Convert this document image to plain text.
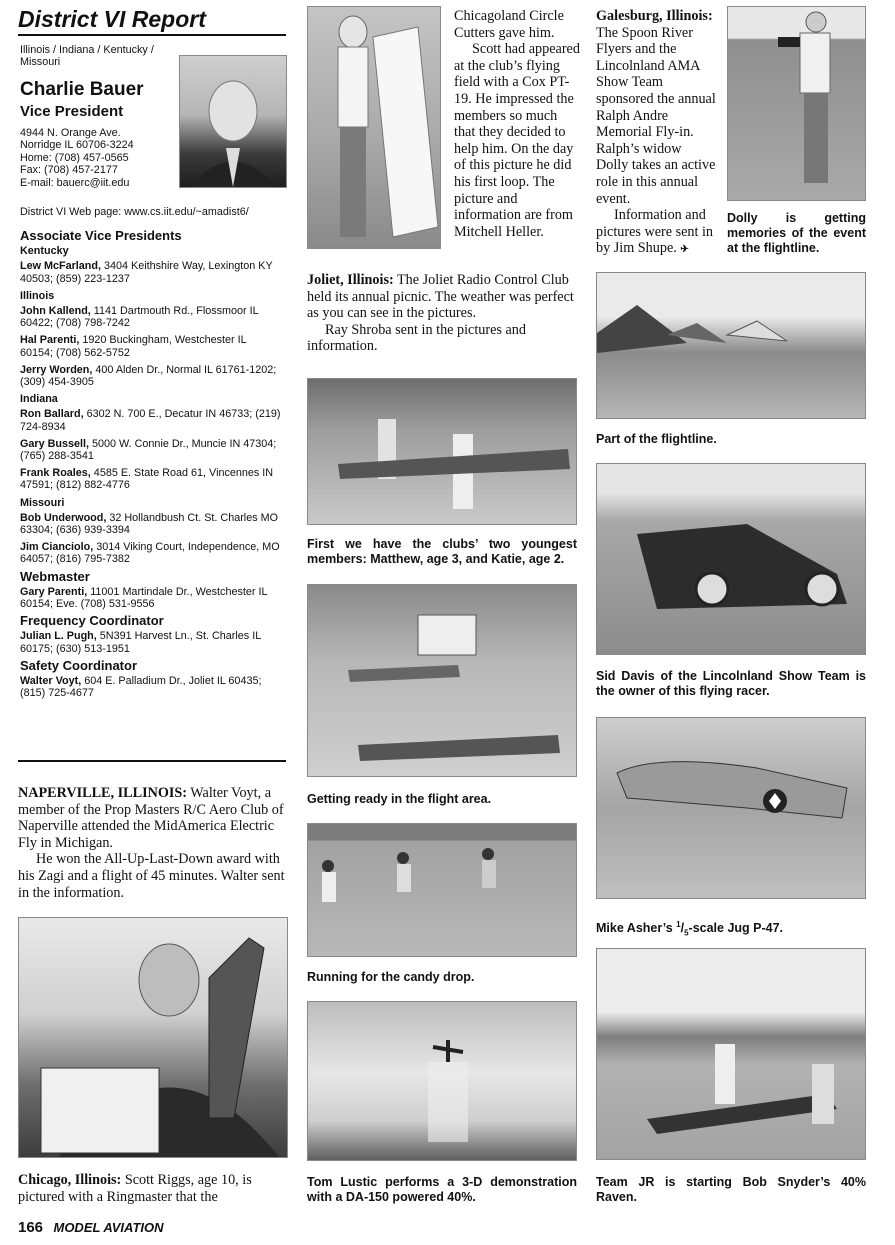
District VI Report
Illinois / Indiana / Kentucky / Missouri
Charlie Bauer
Vice President
4944 N. Orange Ave.
Norridge IL 60706-3224
Home: (708) 457-0565
Fax: (708) 457-2177
E-mail: bauerc@iit.edu
District VI Web page: www.cs.iit.edu/~amadist6/
Associate Vice Presidents
Kentucky
Lew McFarland, 3404 Keithshire Way, Lexington KY 40503; (859) 223-1237
Illinois
John Kallend, 1141 Dartmouth Rd., Flossmoor IL 60422; (708) 798-7242
Hal Parenti, 1920 Buckingham, Westchester IL 60154; (708) 562-5752
Jerry Worden, 400 Alden Dr., Normal IL 61761-1202; (309) 454-3905
Indiana
Ron Ballard, 6302 N. 700 E., Decatur IN 46733; (219) 724-8934
Gary Bussell, 5000 W. Connie Dr., Muncie IN 47304; (765) 288-3541
Frank Roales, 4585 E. State Road 61, Vincennes IN 47591; (812) 882-4776
Missouri
Bob Underwood, 32 Hollandbush Ct. St. Charles MO 63304; (636) 939-3394
Jim Cianciolo, 3014 Viking Court, Independence, MO 64057; (816) 795-7382
Webmaster
Gary Parenti, 11001 Martindale Dr., Westchester IL 60154; Eve. (708) 531-9556
Frequency Coordinator
Julian L. Pugh, 5N391 Harvest Ln., St. Charles IL 60175; (630) 513-1951
Safety Coordinator
Walter Voyt, 604 E. Palladium Dr., Joliet IL 60435; (815) 725-4677

NAPERVILLE, ILLINOIS: Walter Voyt, a member of the Prop Masters R/C Aero Club of Naperville attended the MidAmerica Electric Fly in Michigan.

He won the All-Up-Last-Down award with his Zagi and a flight of 45 minutes. Walter sent in the information.

Chicago, Illinois: Scott Riggs, age 10, is pictured with a Ringmaster that the

Chicagoland Circle Cutters gave him.

Scott had appeared at the club’s flying field with a Cox PT-19. He impressed the members so much that they decided to help him. On the day of this picture he did his first loop. The picture and information are from Mitchell Heller.

Joliet, Illinois: The Joliet Radio Control Club held its annual picnic. The weather was perfect as you can see in the pictures.

Ray Shroba sent in the pictures and information.

First we have the clubs’ two youngest members: Matthew, age 3, and Katie, age 2.
Getting ready in the flight area.
Running for the candy drop.
Tom Lustic performs a 3-D demonstration with a DA-150 powered 40%.

Galesburg, Illinois: The Spoon River Flyers and the Lincolnland AMA Show Team sponsored the annual Ralph Andre Memorial Fly-in. Ralph’s widow Dolly takes an active role in this annual event.

Information and pictures were sent in by Jim Shupe. ✈

Dolly is getting memories of the event at the flightline.
Part of the flightline.
Sid Davis of the Lincolnland Show Team is the owner of this flying racer.
Mike Asher’s $^1/_5$-scale Jug P-47.
Team JR is starting Bob Snyder’s 40% Raven.
166 MODEL AVIATION
